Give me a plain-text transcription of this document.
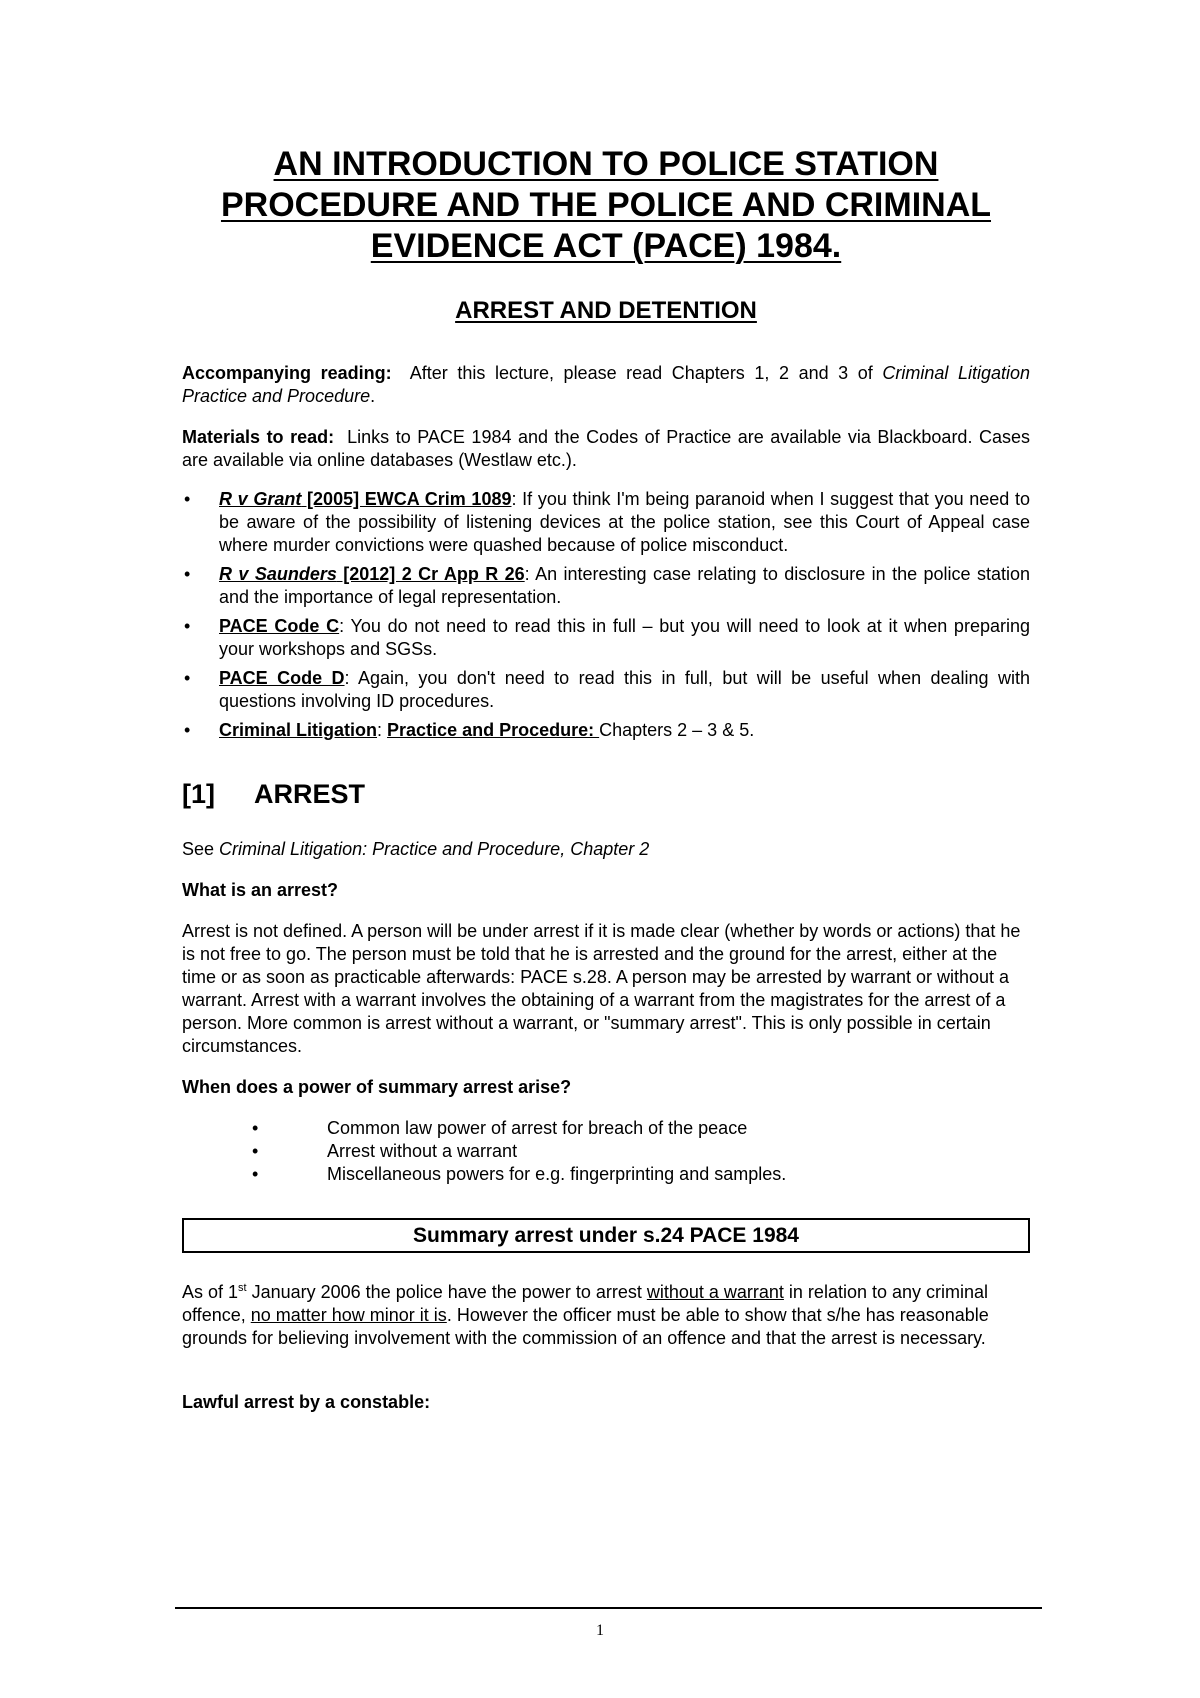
AN INTRODUCTION TO POLICE STATION
PROCEDURE AND THE POLICE AND CRIMINAL
EVIDENCE ACT (PACE) 1984.

ARREST AND DETENTION

Accompanying reading:  After this lecture, please read Chapters 1, 2 and 3 of Criminal Litigation Practice and Procedure.

Materials to read:  Links to PACE 1984 and the Codes of Practice are available via Blackboard. Cases are available via online databases (Westlaw etc.).

• R v Grant [2005] EWCA Crim 1089: If you think I'm being paranoid when I suggest that you need to be aware of the possibility of listening devices at the police station, see this Court of Appeal case where murder convictions were quashed because of police misconduct.
• R v Saunders [2012] 2 Cr App R 26: An interesting case relating to disclosure in the police station and the importance of legal representation.
• PACE Code C: You do not need to read this in full – but you will need to look at it when preparing your workshops and SGSs.
• PACE Code D: Again, you don't need to read this in full, but will be useful when dealing with questions involving ID procedures.
• Criminal Litigation: Practice and Procedure: Chapters 2 – 3 & 5.
[1] ARREST

See Criminal Litigation: Practice and Procedure, Chapter 2

What is an arrest?

Arrest is not defined. A person will be under arrest if it is made clear (whether by words or actions) that he is not free to go. The person must be told that he is arrested and the ground for the arrest, either at the time or as soon as practicable afterwards: PACE s.28. A person may be arrested by warrant or without a warrant. Arrest with a warrant involves the obtaining of a warrant from the magistrates for the arrest of a person. More common is arrest without a warrant, or "summary arrest". This is only possible in certain circumstances.

When does a power of summary arrest arise?

•	Common law power of arrest for breach of the peace
•	Arrest without a warrant
•	Miscellaneous powers for e.g. fingerprinting and samples.
Summary arrest under s.24 PACE 1984

As of 1st January 2006 the police have the power to arrest without a warrant in relation to any criminal offence, no matter how minor it is. However the officer must be able to show that s/he has reasonable grounds for believing involvement with the commission of an offence and that the arrest is necessary.

Lawful arrest by a constable:

1
